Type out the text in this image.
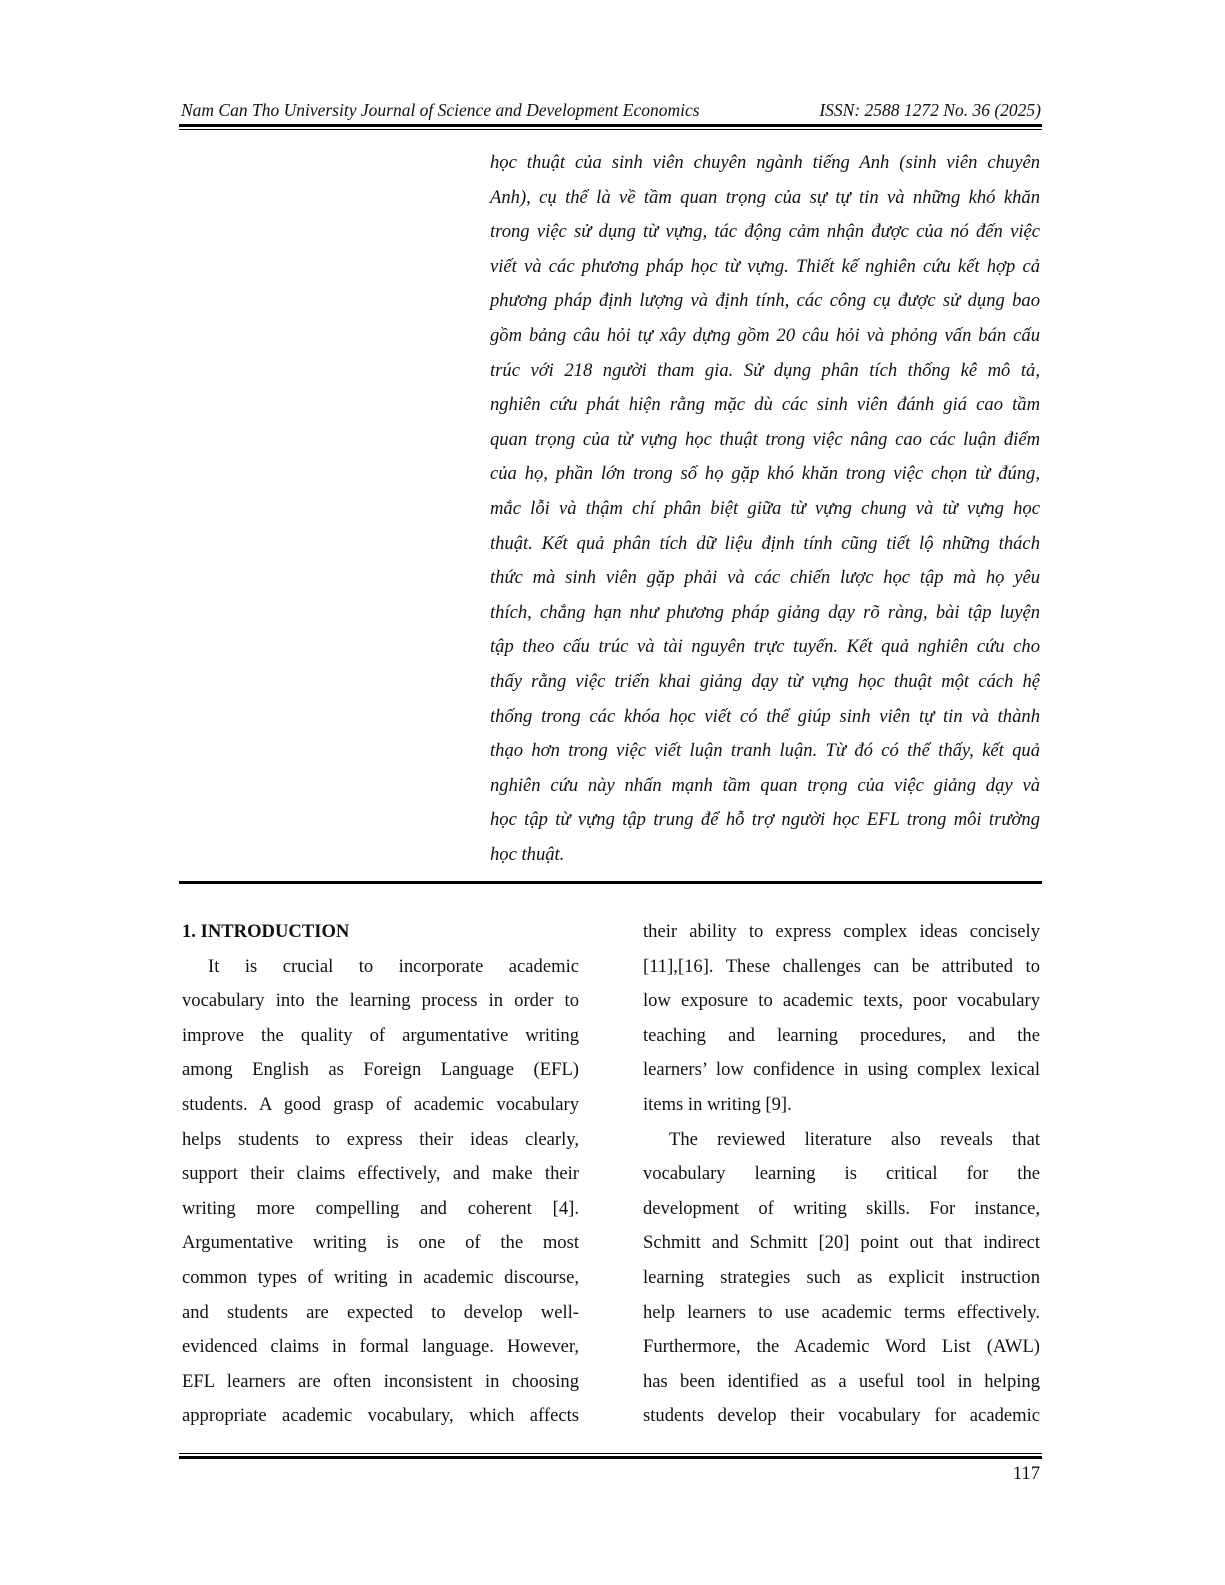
Nam Can Tho University Journal of Science and Development Economics	ISSN: 2588 1272 No. 36 (2025)
học thuật của sinh viên chuyên ngành tiếng Anh (sinh viên chuyên
Anh), cụ thể là về tầm quan trọng của sự tự tin và những khó khăn
trong việc sử dụng từ vựng, tác động cảm nhận được của nó đến việc
viết và các phương pháp học từ vựng. Thiết kế nghiên cứu kết hợp cả
phương pháp định lượng và định tính, các công cụ được sử dụng bao
gồm bảng câu hỏi tự xây dựng gồm 20 câu hỏi và phỏng vấn bán cấu
trúc với 218 người tham gia. Sử dụng phân tích thống kê mô tả,
nghiên cứu phát hiện rằng mặc dù các sinh viên đánh giá cao tầm
quan trọng của từ vựng học thuật trong việc nâng cao các luận điểm
của họ, phần lớn trong số họ gặp khó khăn trong việc chọn từ đúng,
mắc lỗi và thậm chí phân biệt giữa từ vựng chung và từ vựng học
thuật. Kết quả phân tích dữ liệu định tính cũng tiết lộ những thách
thức mà sinh viên gặp phải và các chiến lược học tập mà họ yêu
thích, chẳng hạn như phương pháp giảng dạy rõ ràng, bài tập luyện
tập theo cấu trúc và tài nguyên trực tuyến. Kết quả nghiên cứu cho
thấy rằng việc triển khai giảng dạy từ vựng học thuật một cách hệ
thống trong các khóa học viết có thể giúp sinh viên tự tin và thành
thạo hơn trong việc viết luận tranh luận. Từ đó có thể thấy, kết quả
nghiên cứu này nhấn mạnh tầm quan trọng của việc giảng dạy và
học tập từ vựng tập trung để hỗ trợ người học EFL trong môi trường
học thuật.
1. INTRODUCTION
It is crucial to incorporate academic
vocabulary into the learning process in order to
improve the quality of argumentative writing
among English as Foreign Language (EFL)
students. A good grasp of academic vocabulary
helps students to express their ideas clearly,
support their claims effectively, and make their
writing more compelling and coherent [4].
Argumentative writing is one of the most
common types of writing in academic discourse,
and students are expected to develop well-
evidenced claims in formal language. However,
EFL learners are often inconsistent in choosing
appropriate academic vocabulary, which affects
their ability to express complex ideas concisely
[11],[16]. These challenges can be attributed to
low exposure to academic texts, poor vocabulary
teaching and learning procedures, and the
learners’ low confidence in using complex lexical
items in writing [9].
The reviewed literature also reveals that
vocabulary learning is critical for the
development of writing skills. For instance,
Schmitt and Schmitt [20] point out that indirect
learning strategies such as explicit instruction
help learners to use academic terms effectively.
Furthermore, the Academic Word List (AWL)
has been identified as a useful tool in helping
students develop their vocabulary for academic
117
